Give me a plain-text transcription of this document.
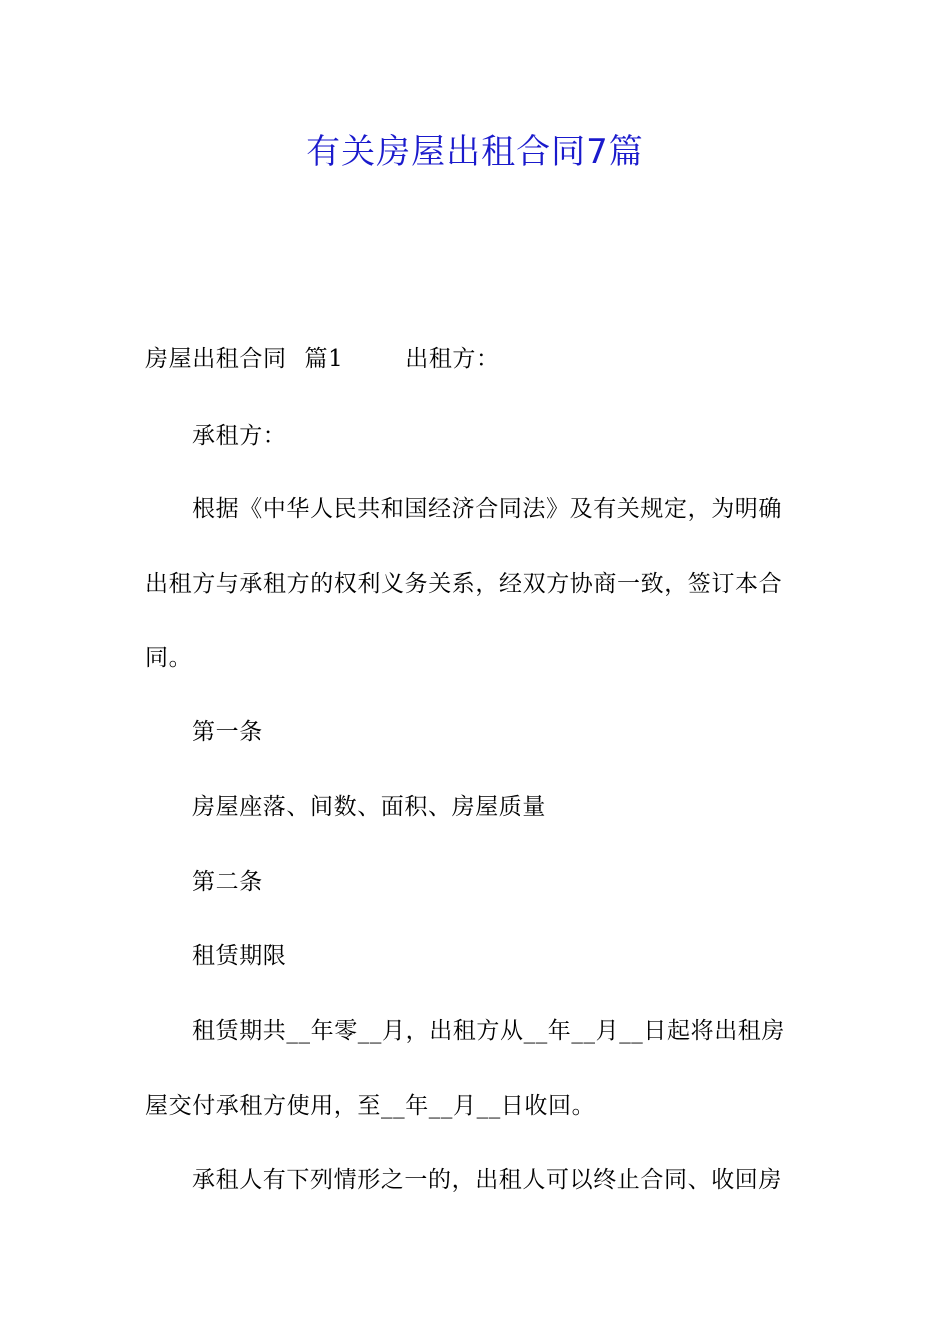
有关房屋出租合同7篇
房屋出租合同 篇1	出租方：
承租方：
根据《中华人民共和国经济合同法》及有关规定，为明确
出租方与承租方的权利义务关系，经双方协商一致，签订本合
同。
第一条
房屋座落、间数、面积、房屋质量
第二条
租赁期限
租赁期共__年零__月，出租方从__年__月__日起将出租房
屋交付承租方使用，至__年__月__日收回。
承租人有下列情形之一的，出租人可以终止合同、收回房
